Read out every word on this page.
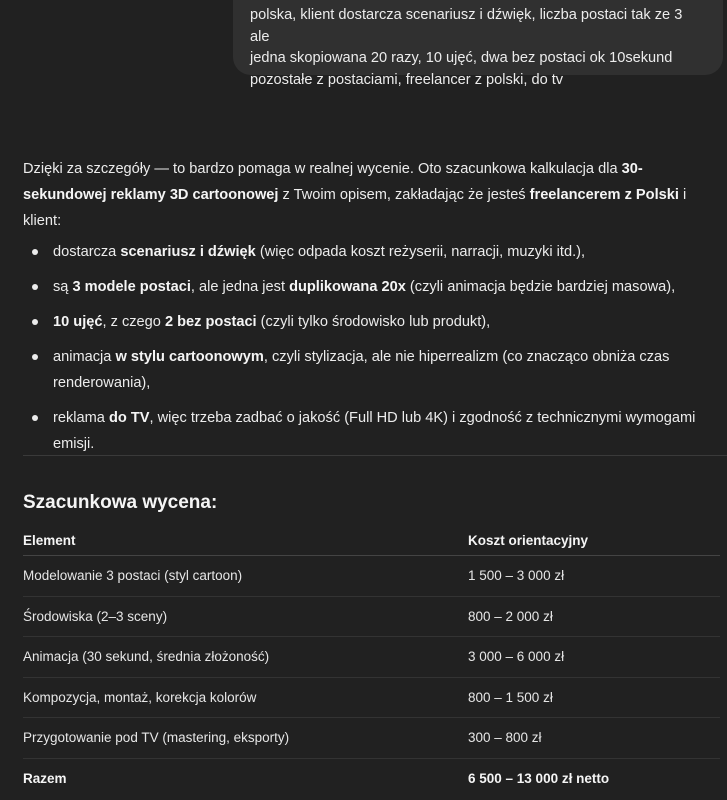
polska, klient dostarcza scenariusz i dźwięk, liczba postaci tak ze 3 ale
jedna skopiowana 20 razy, 10 ujęć, dwa bez postaci ok 10sekund
pozostałe z postaciami, freelancer z polski, do tv

Dzięki za szczegóły — to bardzo pomaga w realnej wycenie. Oto szacunkowa kalkulacja dla 30-sekundowej reklamy 3D cartoonowej z Twoim opisem, zakładając że jesteś freelancerem z Polski i klient:

dostarcza scenariusz i dźwięk (więc odpada koszt reżyserii, narracji, muzyki itd.),
są 3 modele postaci, ale jedna jest duplikowana 20x (czyli animacja będzie bardziej masowa),
10 ujęć, z czego 2 bez postaci (czyli tylko środowisko lub produkt),
animacja w stylu cartoonowym, czyli stylizacja, ale nie hiperrealizm (co znacząco obniża czas renderowania),
reklama do TV, więc trzeba zadbać o jakość (Full HD lub 4K) i zgodność z technicznymi wymogami emisji.
Szacunkowa wycena:
Element	Koszt orientacyjny
Modelowanie 3 postaci (styl cartoon)	1 500 – 3 000 zł
Środowiska (2–3 sceny)	800 – 2 000 zł
Animacja (30 sekund, średnia złożoność)	3 000 – 6 000 zł
Kompozycja, montaż, korekcja kolorów	800 – 1 500 zł
Przygotowanie pod TV (mastering, eksporty)	300 – 800 zł
Razem	6 500 – 13 000 zł netto
